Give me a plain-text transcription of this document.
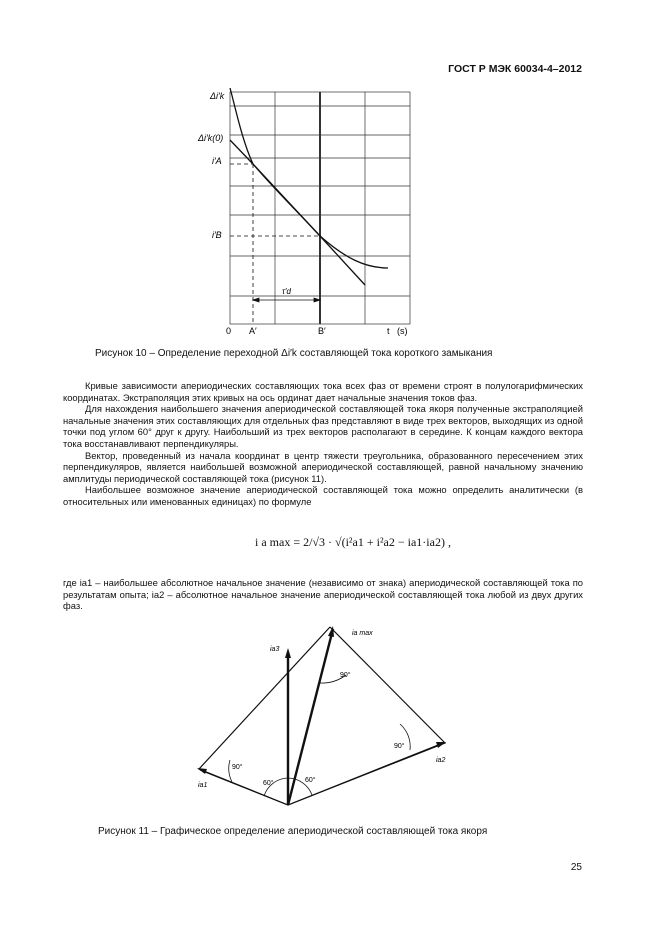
ГОСТ Р МЭК 60034-4–2012
Δi′k
Δi′k(0)
i′A
i′B
0 A′	B′	t   (s)
τ′d
Рисунок 10 – Определение переходной Δi′k составляющей тока короткого замыкания

Кривые зависимости апериодических составляющих тока всех фаз от времени строят в полулогарифмических координатах. Экстраполяция этих кривых на ось ординат дает начальные значения токов фаз.

Для нахождения наибольшего значения апериодической составляющей тока якоря полученные экстраполяцией начальные значения этих составляющих для отдельных фаз представляют в виде трех векторов, выходящих из одной точки под углом 60° друг к другу. Наибольший из трех векторов располагают в середине. К концам каждого вектора тока восстанавливают перпендикуляры.

Вектор, проведенный из начала координат в центр тяжести треугольника, образованного пересечением этих перпендикуляров, является наибольшей возможной апериодической составляющей, равной начальному значению амплитуды периодической составляющей тока (рисунок 11).

Наибольшее возможное значение апериодической составляющей тока можно определить аналитически (в относительных или именованных единицах) по формуле

i a max = 2/√3 · √(i²a1 + i²a2 − ia1·ia2) ,
где ia1 – наибольшее абсолютное начальное значение (независимо от знака) апериодической составляющей тока по результатам опыта; ia2 – абсолютное начальное значение апериодической составляющей тока любой из двух других фаз.
ia3
ia max
ia1
ia2
90°
90°
90°
60°	60°
Рисунок 11 – Графическое определение апериодической составляющей тока якоря
25
